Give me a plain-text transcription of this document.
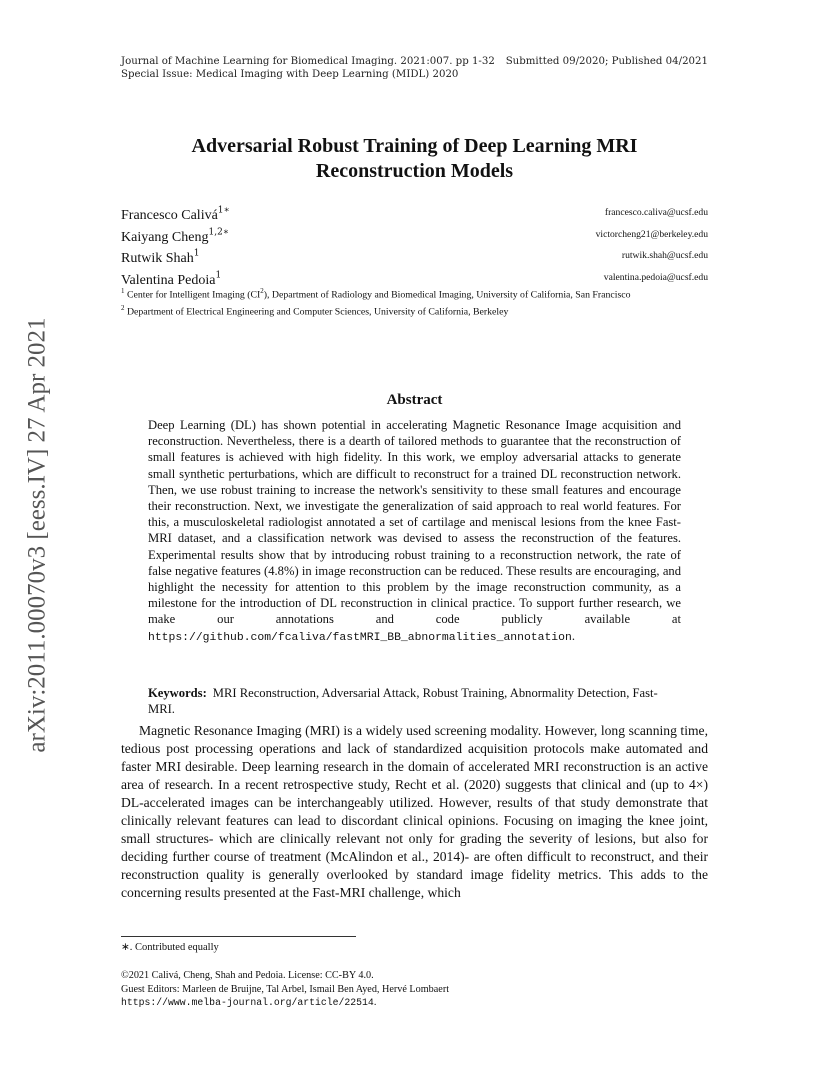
arXiv:2011.00070v3 [eess.IV] 27 Apr 2021
Journal of Machine Learning for Biomedical Imaging. 2021:007. pp 1-32
Special Issue: Medical Imaging with Deep Learning (MIDL) 2020
Submitted 09/2020; Published 04/2021
Adversarial Robust Training of Deep Learning MRI
Reconstruction Models
Francesco Calivá$^{1∗}$	francesco.caliva@ucsf.edu
Kaiyang Cheng$^{1,2∗}$	victorcheng21@berkeley.edu
Rutwik Shah$^1$	rutwik.shah@ucsf.edu
Valentina Pedoia$^1$	valentina.pedoia@ucsf.edu
$^1$ Center for Intelligent Imaging $(CI^2)$, Department of Radiology and Biomedical Imaging, University of California, San Francisco
$^2$ Department of Electrical Engineering and Computer Sciences, University of California, Berkeley
Abstract
Deep Learning (DL) has shown potential in accelerating Magnetic Resonance Image acquisition and reconstruction. Nevertheless, there is a dearth of tailored methods to guarantee that the reconstruction of small features is achieved with high fidelity. In this work, we employ adversarial attacks to generate small synthetic perturbations, which are difficult to reconstruct for a trained DL reconstruction network. Then, we use robust training to increase the network's sensitivity to these small features and encourage their reconstruction. Next, we investigate the generalization of said approach to real world features. For this, a musculoskeletal radiologist annotated a set of cartilage and meniscal lesions from the knee Fast-MRI dataset, and a classification network was devised to assess the reconstruction of the features. Experimental results show that by introducing robust training to a reconstruction network, the rate of false negative features (4.8%) in image reconstruction can be reduced. These results are encouraging, and highlight the necessity for attention to this problem by the image reconstruction community, as a milestone for the introduction of DL reconstruction in clinical practice. To support further research, we make our annotations and code publicly available at https://github.com/fcaliva/fastMRI_BB_abnormalities_annotation.
Keywords: MRI Reconstruction, Adversarial Attack, Robust Training, Abnormality Detection, Fast-MRI.
Magnetic Resonance Imaging (MRI) is a widely used screening modality. However, long scanning time, tedious post processing operations and lack of standardized acquisition protocols make automated and faster MRI desirable. Deep learning research in the domain of accelerated MRI reconstruction is an active area of research. In a recent retrospective study, Recht et al. (2020) suggests that clinical and (up to 4×) DL-accelerated images can be interchangeably utilized. However, results of that study demonstrate that clinically relevant features can lead to discordant clinical opinions. Focusing on imaging the knee joint, small structures- which are clinically relevant not only for grading the severity of lesions, but also for deciding further course of treatment (McAlindon et al., 2014)- are often difficult to reconstruct, and their reconstruction quality is generally overlooked by standard image fidelity metrics. This adds to the concerning results presented at the Fast-MRI challenge, which
∗. Contributed equally
©2021 Calivá, Cheng, Shah and Pedoia. License: CC-BY 4.0.
Guest Editors: Marleen de Bruijne, Tal Arbel, Ismail Ben Ayed, Hervé Lombaert
https://www.melba-journal.org/article/22514.
